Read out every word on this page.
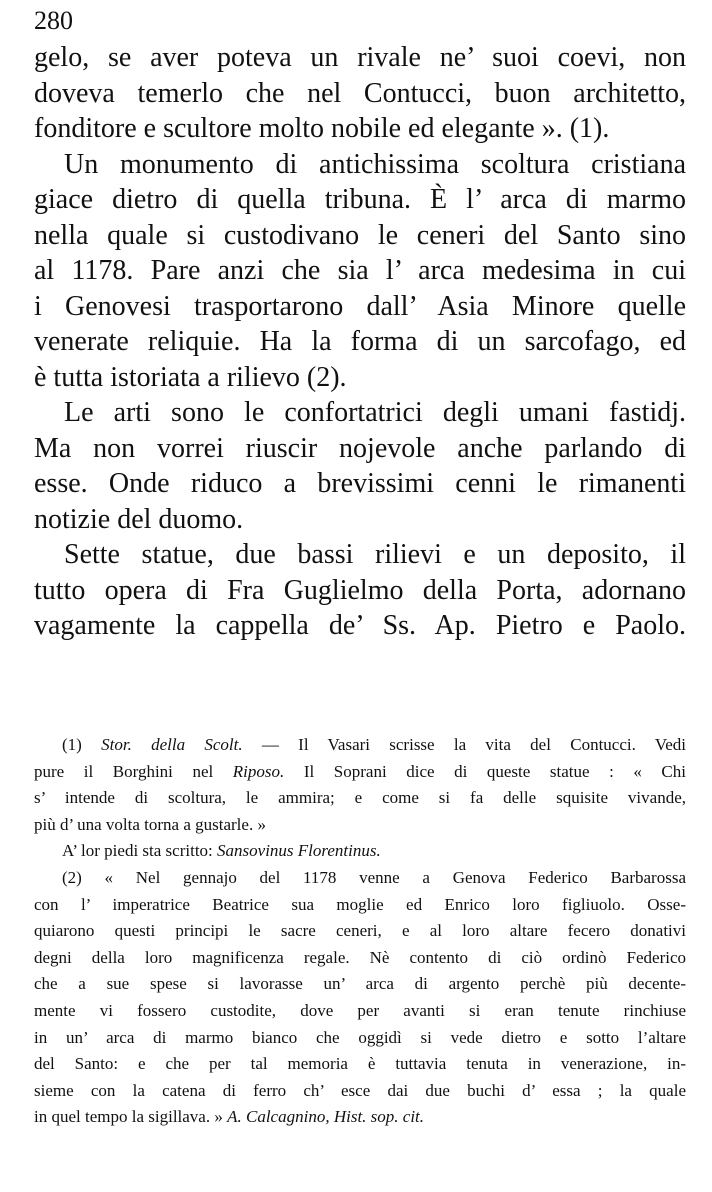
280
gelo, se aver poteva un rivale ne’ suoi coevi, non
doveva temerlo che nel Contucci, buon architetto,
fonditore e scultore molto nobile ed elegante ». (1).
Un monumento di antichissima scoltura cristiana
giace dietro di quella tribuna. È l’ arca di marmo
nella quale si custodivano le ceneri del Santo sino
al 1178. Pare anzi che sia l’ arca medesima in cui
i Genovesi trasportarono dall’ Asia Minore quelle
venerate reliquie. Ha la forma di un sarcofago, ed
è tutta istoriata a rilievo (2).
Le arti sono le confortatrici degli umani fastidj.
Ma non vorrei riuscir nojevole anche parlando di
esse. Onde riduco a brevissimi cenni le rimanenti
notizie del duomo.
Sette statue, due bassi rilievi e un deposito, il
tutto opera di Fra Guglielmo della Porta, adornano
vagamente la cappella de’ Ss. Ap. Pietro e Paolo.
(1) Stor. della Scolt. — Il Vasari scrisse la vita del Contucci. Vedi
pure il Borghini nel Riposo. Il Soprani dice di queste statue : « Chi
s’ intende di scoltura, le ammira; e come si fa delle squisite vivande,
più d’ una volta torna a gustarle. »
A’ lor piedi sta scritto: Sansovinus Florentinus.
(2) « Nel gennajo del 1178 venne a Genova Federico Barbarossa
con l’ imperatrice Beatrice sua moglie ed Enrico loro figliuolo. Osse-
quiarono questi principi le sacre ceneri, e al loro altare fecero donativi
degni della loro magnificenza regale. Nè contento di ciò ordinò Federico
che a sue spese si lavorasse un’ arca di argento perchè più decente-
mente vi fossero custodite, dove per avanti si eran tenute rinchiuse
in un’ arca di marmo bianco che oggidì si vede dietro e sotto l’altare
del Santo: e che per tal memoria è tuttavia tenuta in venerazione, in-
sieme con la catena di ferro ch’ esce dai due buchi d’ essa ; la quale
in quel tempo la sigillava. » A. Calcagnino, Hist. sop. cit.
